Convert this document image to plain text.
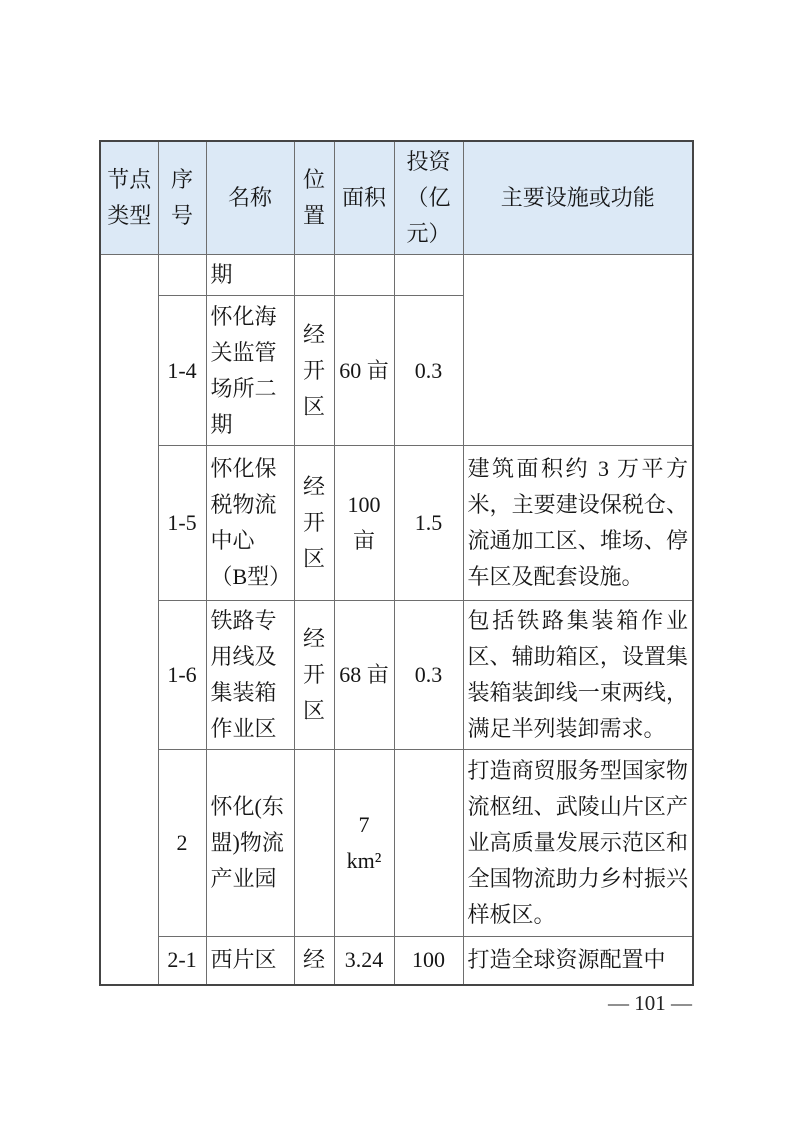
节点类型	序号	名称	位置	面积	投资（亿元）	主要设施或功能
		期				
	1-4	怀化海关监管场所二期	经开区	60 亩	0.3	
	1-5	怀化保税物流中心（B型）	经开区	100 亩	1.5	建筑面积约 3 万平方米，主要建设保税仓、流通加工区、堆场、停车区及配套设施。
	1-6	铁路专用线及集装箱作业区	经开区	68 亩	0.3	包括铁路集装箱作业区、辅助箱区，设置集装箱装卸线一束两线，满足半列装卸需求。
	2	怀化(东盟)物流产业园		7 km²		打造商贸服务型国家物流枢纽、武陵山片区产业高质量发展示范区和全国物流助力乡村振兴样板区。
	2-1	西片区	经	3.24	100	打造全球资源配置中
— 101 —
